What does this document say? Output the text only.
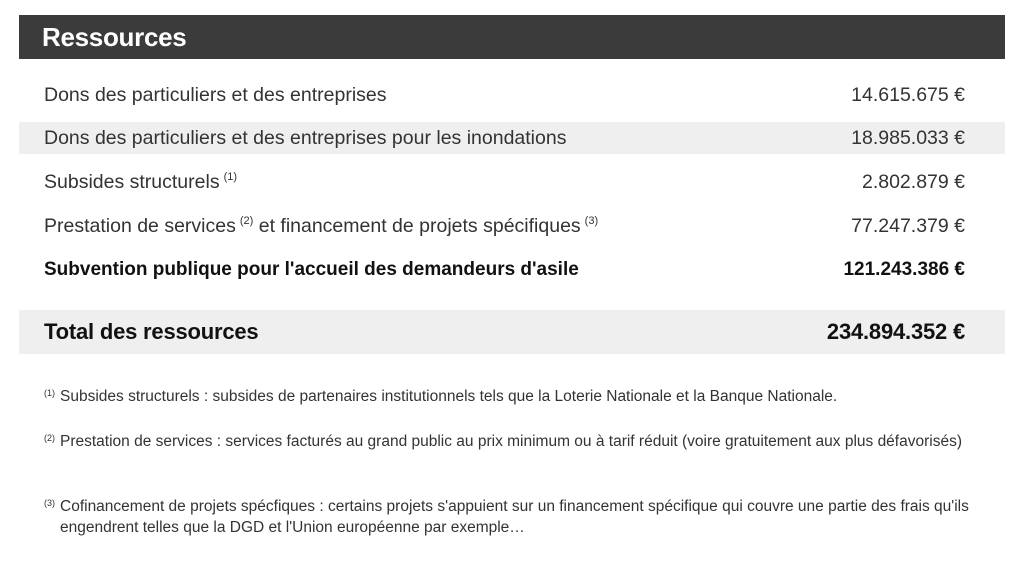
Ressources
Dons des particuliers et des entreprises	14.615.675 €
Dons des particuliers et des entreprises pour les inondations	18.985.033 €
Subsides structurels $^{(1)}$	2.802.879 €
Prestation de services $^{(2)}$ et financement de projets spécifiques $^{(3)}$	77.247.379 €
Subvention publique pour l'accueil des demandeurs d'asile	121.243.386 €
Total des ressources	234.894.352 €
(1) Subsides structurels : subsides de partenaires institutionnels tels que la Loterie Nationale et la Banque Nationale.
(2) Prestation de services : services facturés au grand public au prix minimum ou à tarif réduit (voire gratuitement aux plus défavorisés)
(3) Cofinancement de projets spécfiques : certains projets s'appuient sur un financement spécifique qui couvre une partie des frais qu'ils engendrent telles que la DGD et l'Union européenne par exemple…
